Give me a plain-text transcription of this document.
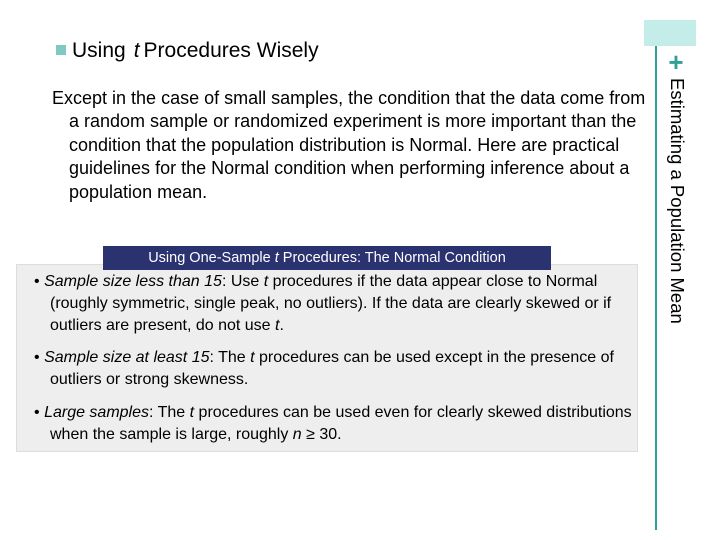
+
Estimating a Population Mean
Using t Procedures Wisely
Except in the case of small samples, the condition that the data come from a random sample or randomized experiment is more important than the condition that the population distribution is Normal. Here are practical guidelines for the Normal condition when performing inference about a population mean.
Using One-Sample t Procedures: The Normal Condition
• Sample size less than 15: Use t procedures if the data appear close to Normal (roughly symmetric, single peak, no outliers). If the data are clearly skewed or if outliers are present, do not use t.
• Sample size at least 15: The t procedures can be used except in the presence of outliers or strong skewness.
• Large samples: The t procedures can be used even for clearly skewed distributions when the sample is large, roughly n ≥ 30.
